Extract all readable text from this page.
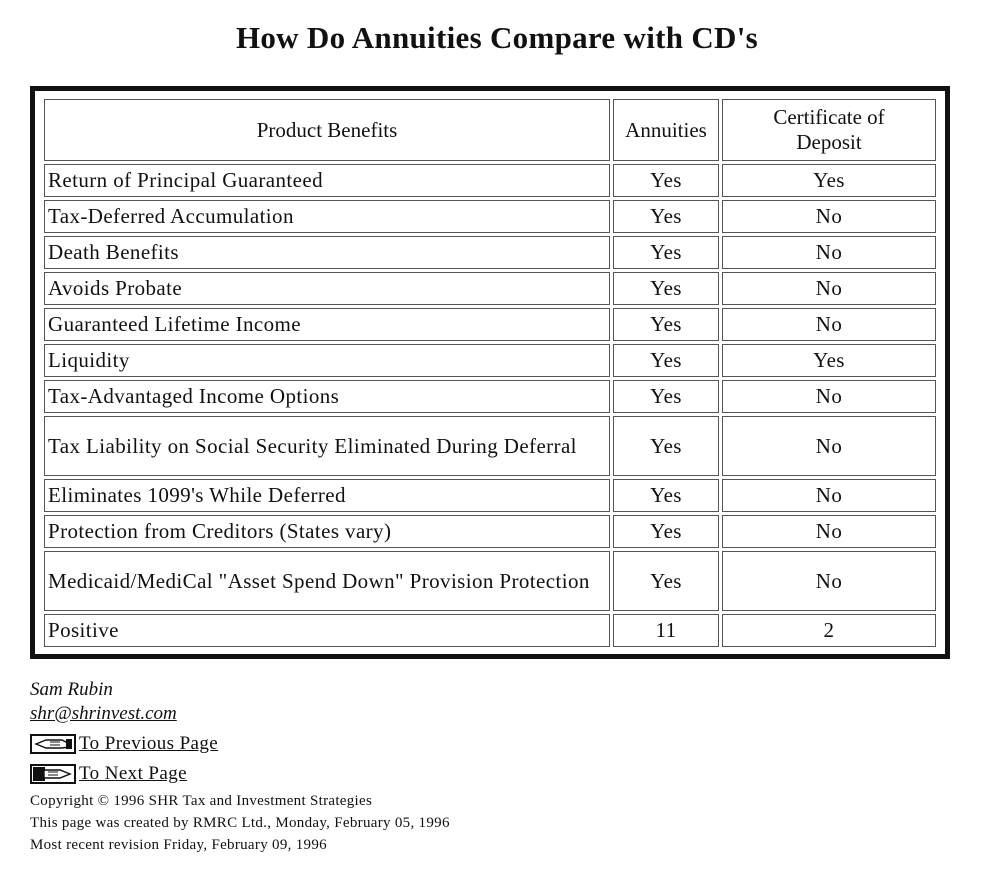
How Do Annuities Compare with CD's
Product Benefits	Annuities	Certificate of
Deposit
Return of Principal Guaranteed	Yes	Yes
Tax-Deferred Accumulation	Yes	No
Death Benefits	Yes	No
Avoids Probate	Yes	No
Guaranteed Lifetime Income	Yes	No
Liquidity	Yes	Yes
Tax-Advantaged Income Options	Yes	No
Tax Liability on Social Security Eliminated During Deferral	Yes	No
Eliminates 1099's While Deferred	Yes	No
Protection from Creditors (States vary)	Yes	No
Medicaid/MediCal "Asset Spend Down" Provision Protection	Yes	No
Positive	11	2
Sam Rubin
shr@shrinvest.com
To Previous Page
To Next Page
Copyright © 1996 SHR Tax and Investment Strategies
This page was created by RMRC Ltd., Monday, February 05, 1996
Most recent revision Friday, February 09, 1996
